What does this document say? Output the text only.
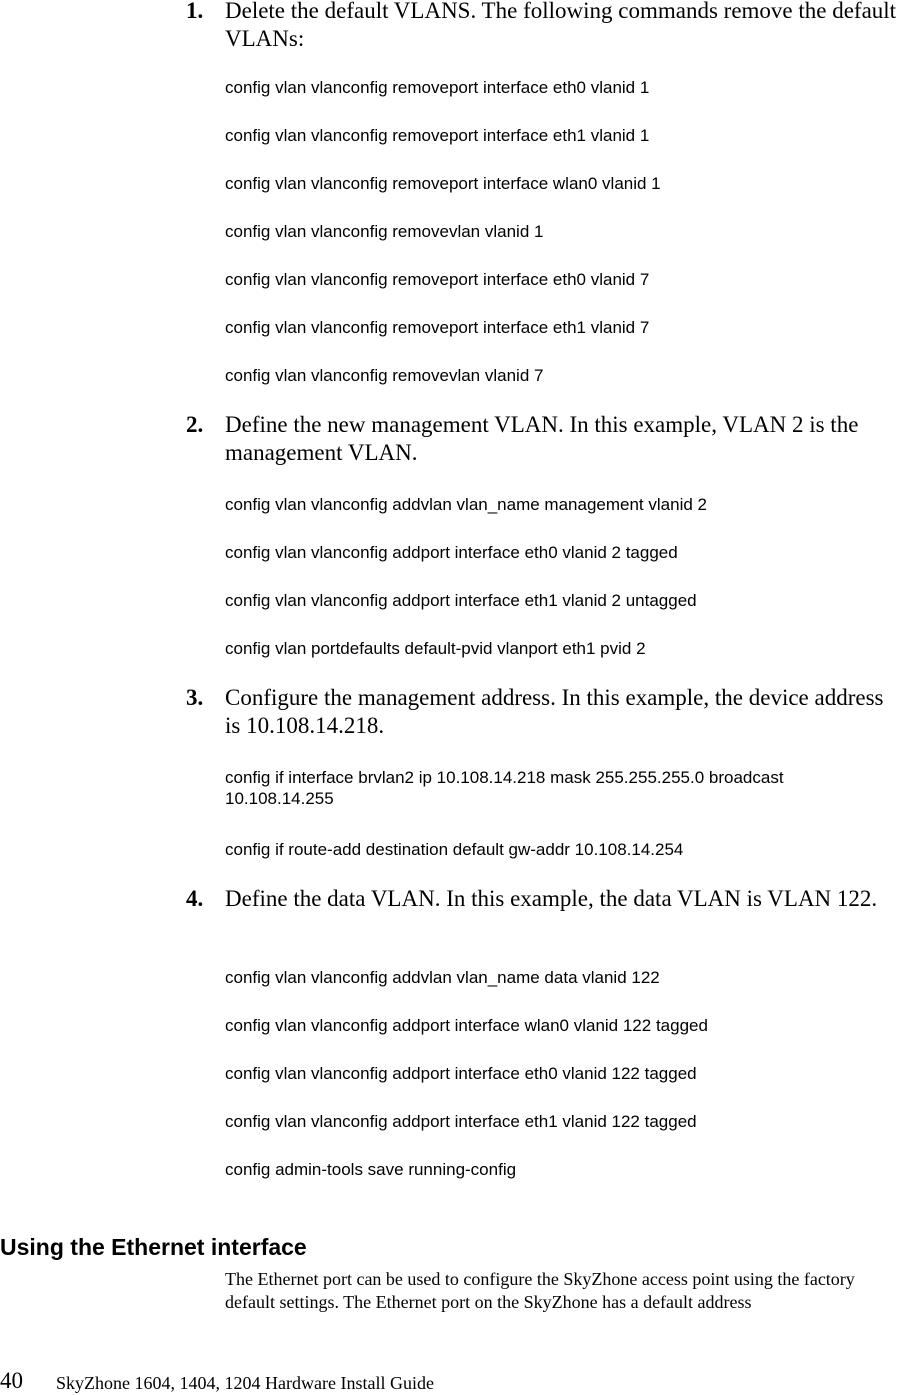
1. Delete the default VLANS. The following commands remove the default VLANs:
config vlan vlanconfig removeport interface eth0 vlanid 1
config vlan vlanconfig removeport interface eth1 vlanid 1
config vlan vlanconfig removeport interface wlan0 vlanid 1
config vlan vlanconfig removevlan vlanid 1
config vlan vlanconfig removeport interface eth0 vlanid 7
config vlan vlanconfig removeport interface eth1 vlanid 7
config vlan vlanconfig removevlan vlanid 7
2. Define the new management VLAN. In this example, VLAN 2 is the management VLAN.
config vlan vlanconfig addvlan vlan_name management vlanid 2
config vlan vlanconfig addport interface eth0 vlanid 2 tagged
config vlan vlanconfig addport interface eth1 vlanid 2 untagged
config vlan portdefaults default-pvid vlanport eth1 pvid 2
3. Configure the management address. In this example, the device address is 10.108.14.218.
config if interface brvlan2 ip 10.108.14.218 mask 255.255.255.0 broadcast 10.108.14.255
config if route-add destination default gw-addr 10.108.14.254
4. Define the data VLAN. In this example, the data VLAN is VLAN 122.
config vlan vlanconfig addvlan vlan_name data vlanid 122
config vlan vlanconfig addport interface wlan0 vlanid 122 tagged
config vlan vlanconfig addport interface eth0 vlanid 122 tagged
config vlan vlanconfig addport interface eth1 vlanid 122 tagged
config admin-tools save running-config
Using the Ethernet interface
The Ethernet port can be used to configure the SkyZhone access point using the factory default settings. The Ethernet port on the SkyZhone has a default address
40 SkyZhone 1604, 1404, 1204 Hardware Install Guide
